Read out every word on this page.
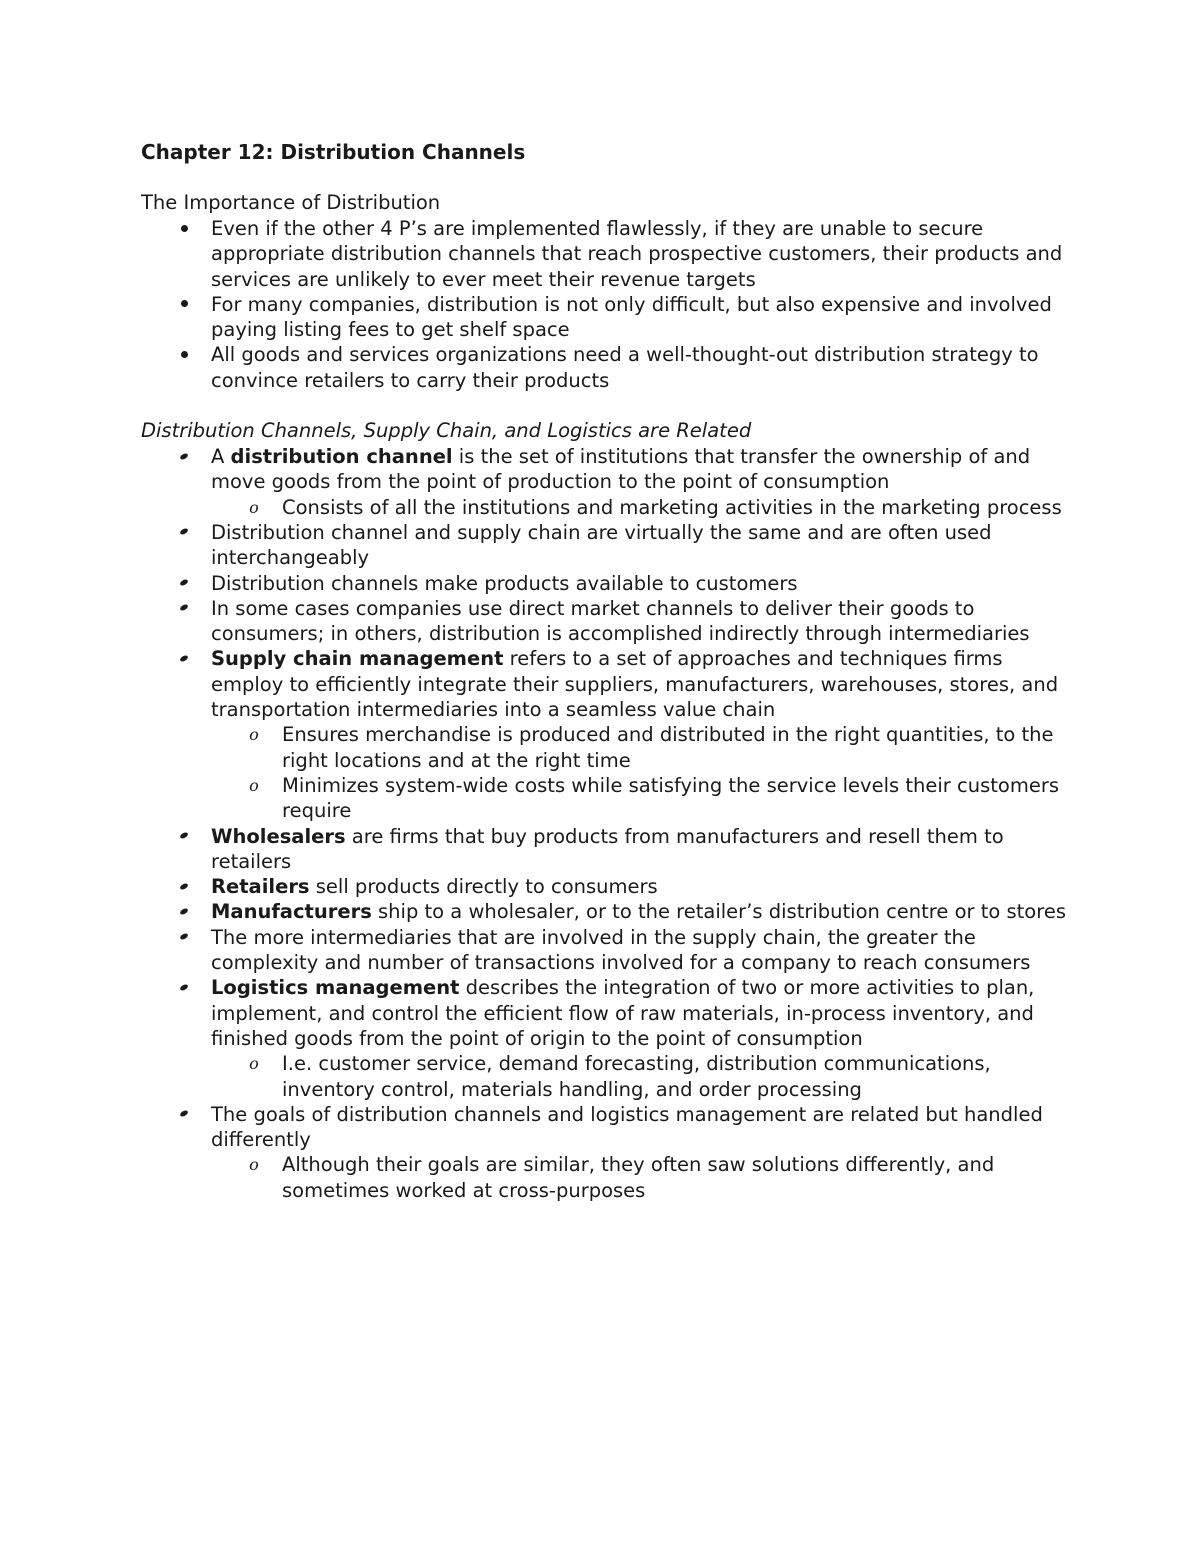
Chapter 12: Distribution Channels
The Importance of Distribution
Even if the other 4 P’s are implemented flawlessly, if they are unable to secure appropriate distribution channels that reach prospective customers, their products and services are unlikely to ever meet their revenue targets
For many companies, distribution is not only difficult, but also expensive and involved paying listing fees to get shelf space
All goods and services organizations need a well-thought-out distribution strategy to convince retailers to carry their products
Distribution Channels, Supply Chain, and Logistics are Related
A distribution channel is the set of institutions that transfer the ownership of and move goods from the point of production to the point of consumption
o Consists of all the institutions and marketing activities in the marketing process
Distribution channel and supply chain are virtually the same and are often used interchangeably
Distribution channels make products available to customers
In some cases companies use direct market channels to deliver their goods to consumers; in others, distribution is accomplished indirectly through intermediaries
Supply chain management refers to a set of approaches and techniques firms employ to efficiently integrate their suppliers, manufacturers, warehouses, stores, and transportation intermediaries into a seamless value chain
o Ensures merchandise is produced and distributed in the right quantities, to the right locations and at the right time
o Minimizes system-wide costs while satisfying the service levels their customers require
Wholesalers are firms that buy products from manufacturers and resell them to retailers
Retailers sell products directly to consumers
Manufacturers ship to a wholesaler, or to the retailer’s distribution centre or to stores
The more intermediaries that are involved in the supply chain, the greater the complexity and number of transactions involved for a company to reach consumers
Logistics management describes the integration of two or more activities to plan, implement, and control the efficient flow of raw materials, in-process inventory, and finished goods from the point of origin to the point of consumption
o I.e. customer service, demand forecasting, distribution communications, inventory control, materials handling, and order processing
The goals of distribution channels and logistics management are related but handled differently
o Although their goals are similar, they often saw solutions differently, and sometimes worked at cross-purposes
